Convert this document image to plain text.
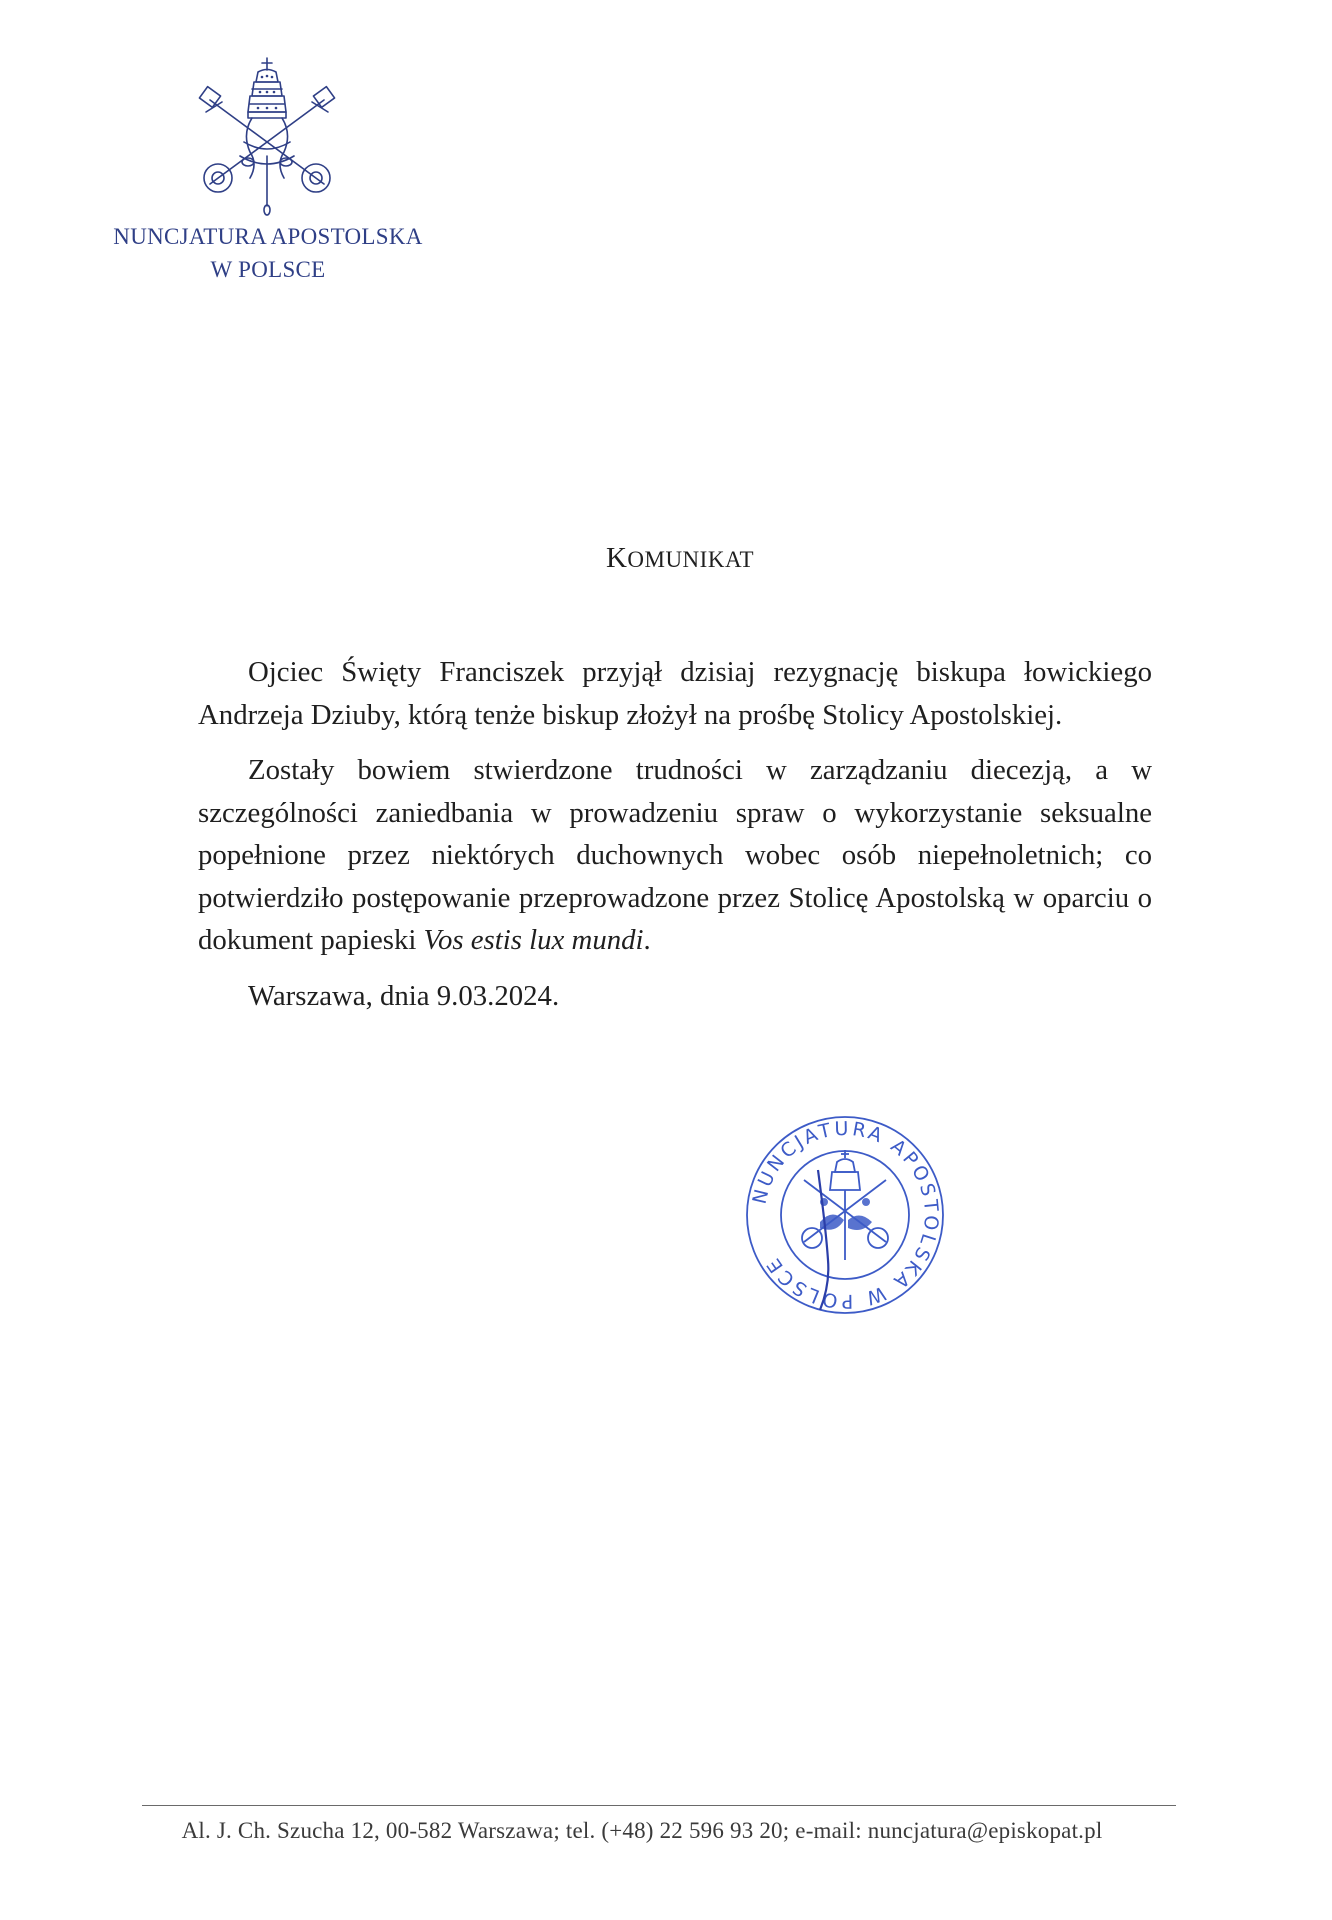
NUNCJATURA APOSTOLSKA
W POLSCE
KOMUNIKAT

Ojciec Święty Franciszek przyjął dzisiaj rezygnację biskupa łowickiego Andrzeja Dziuby, którą tenże biskup złożył na prośbę Stolicy Apostolskiej.

Zostały bowiem stwierdzone trudności w zarządzaniu diecezją, a w szczególności zaniedbania w prowadzeniu spraw o wykorzystanie seksualne popełnione przez niektórych duchownych wobec osób niepełnoletnich; co potwierdziło postępowanie przeprowadzone przez Stolicę Apostolską w oparciu o dokument papieski Vos estis lux mundi.

Warszawa, dnia 9.03.2024.

NUNCJATURA APOSTOLSKA W POLSCE
Al. J. Ch. Szucha 12, 00-582 Warszawa; tel. (+48) 22 596 93 20; e-mail: nuncjatura@episkopat.pl
